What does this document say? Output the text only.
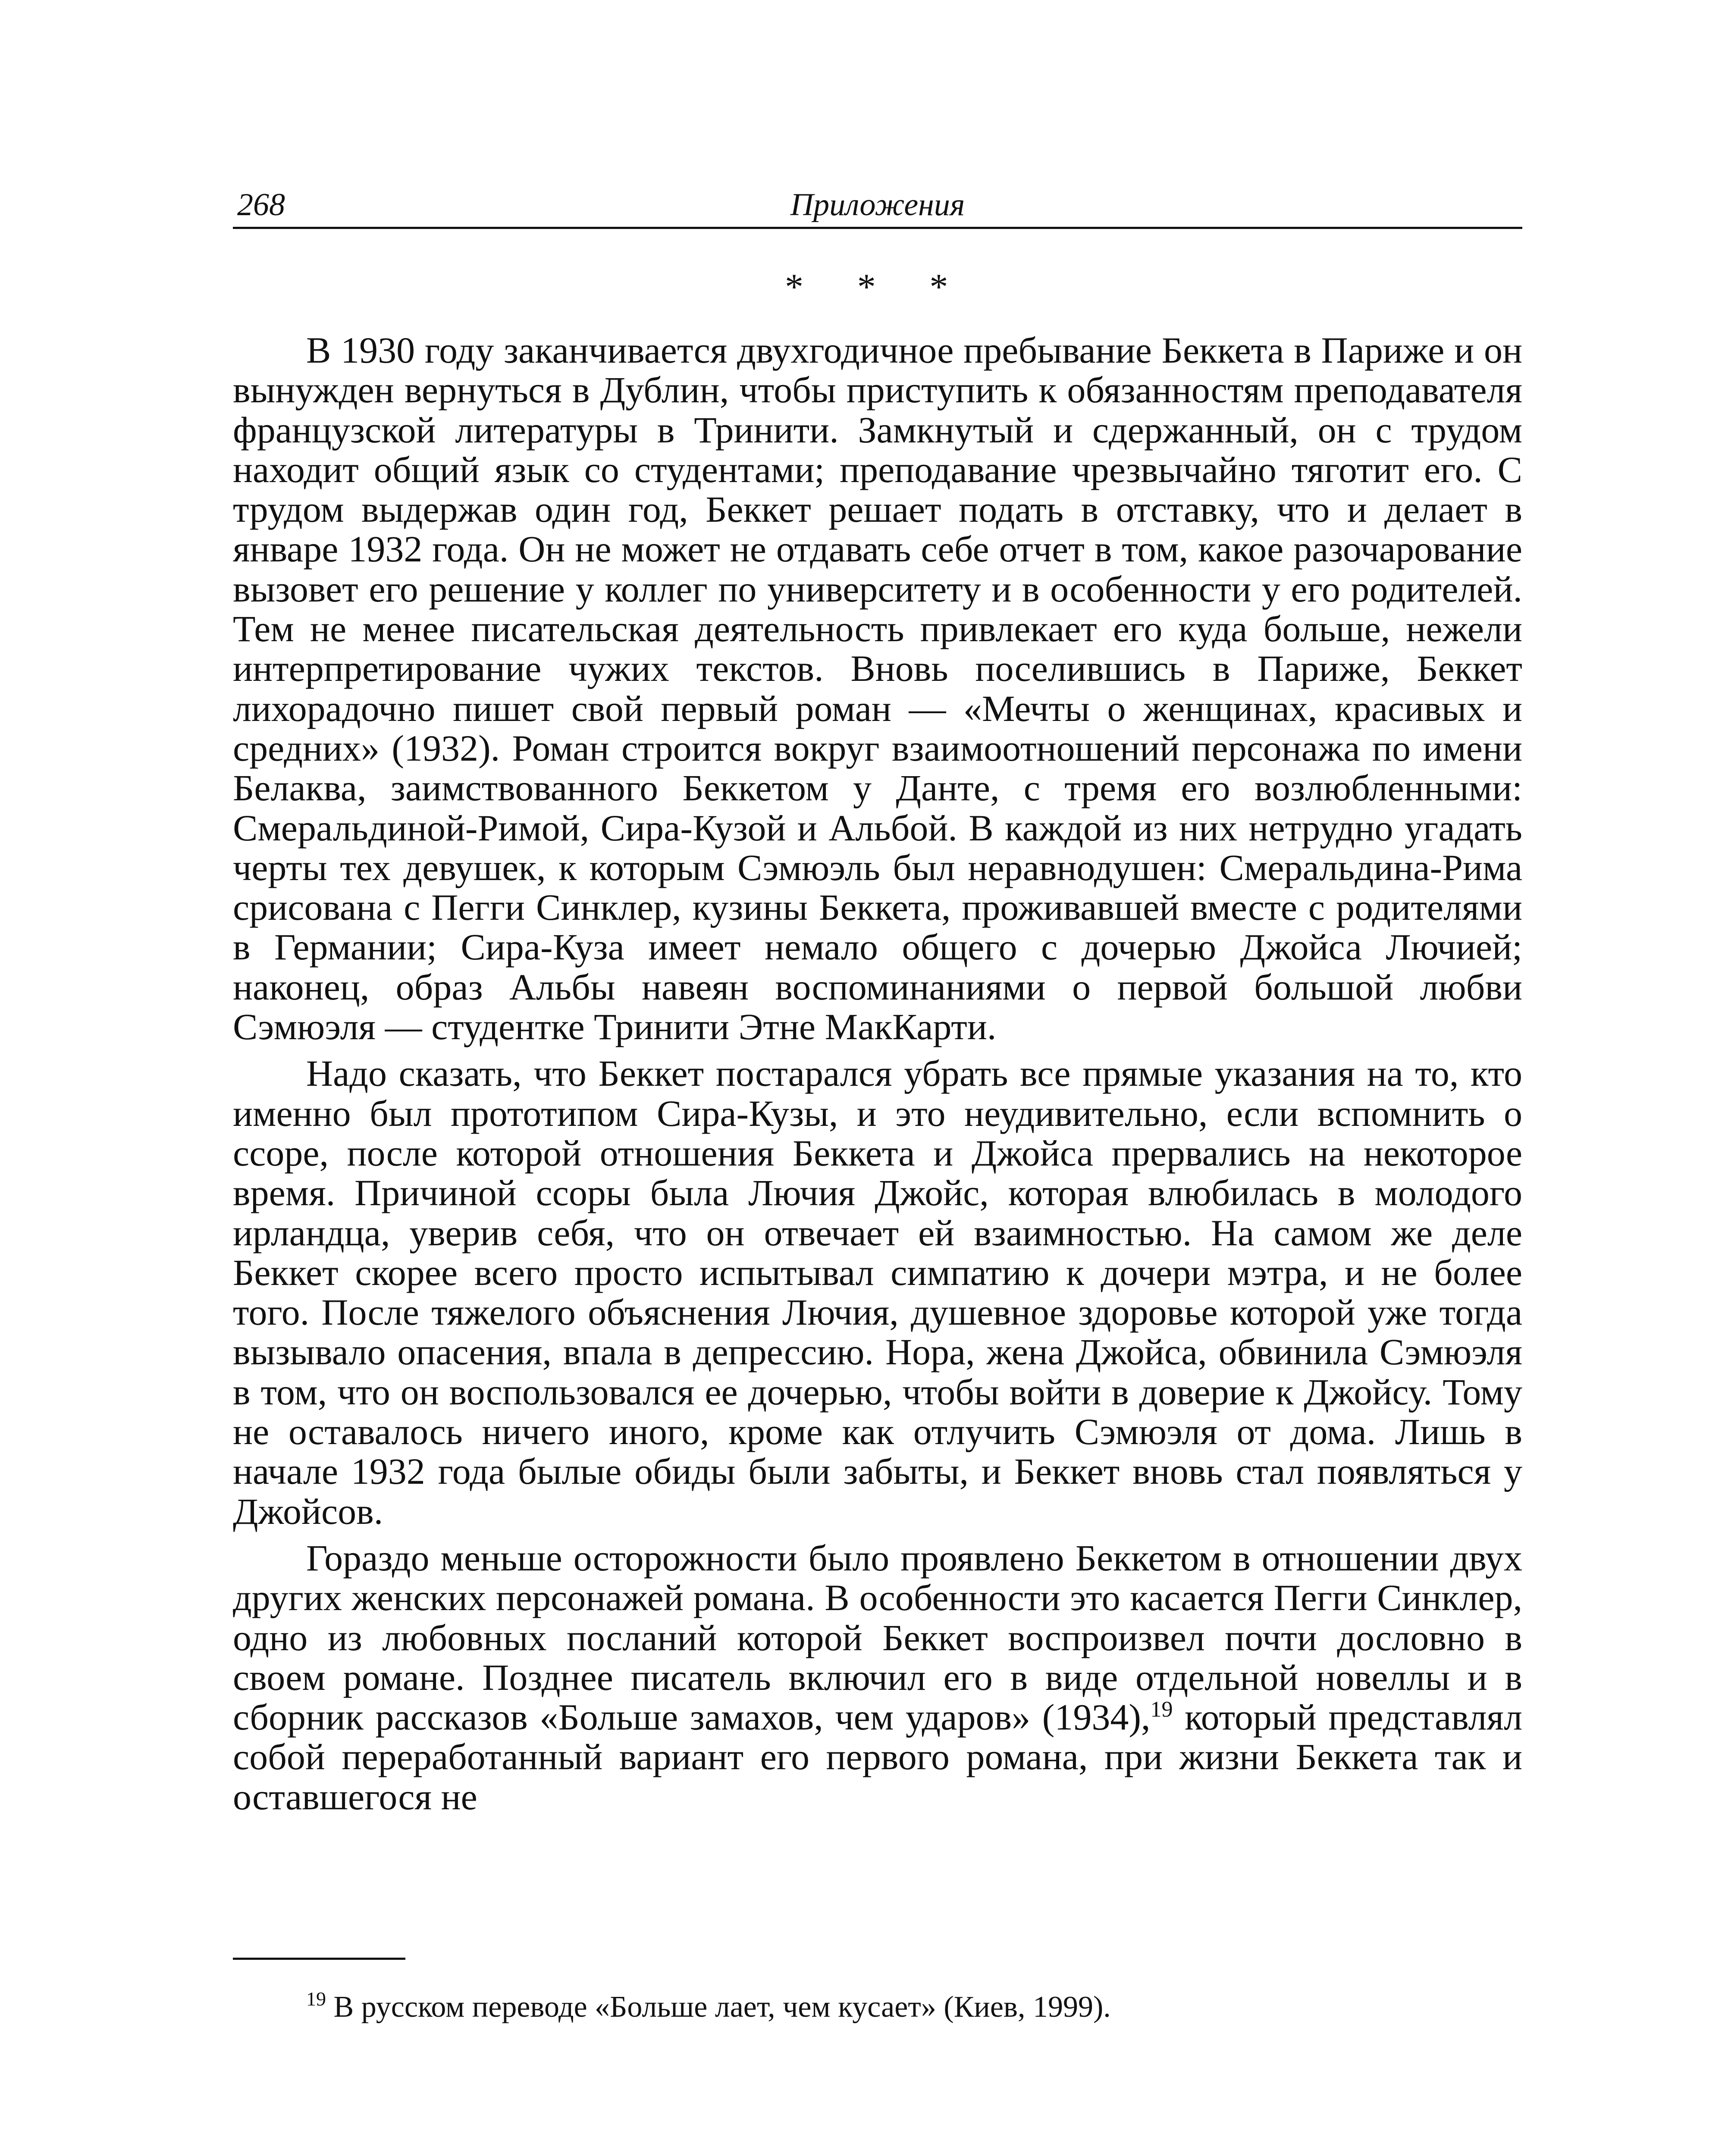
268	Приложения
* * *

В 1930 году заканчивается двухгодичное пребывание Беккета в Париже и он вынужден вернуться в Дублин, чтобы приступить к обязанностям преподавателя французской литературы в Тринити. Замкнутый и сдержанный, он с трудом находит общий язык со студентами; преподавание чрезвычайно тяготит его. С трудом выдержав один год, Беккет решает подать в отставку, что и делает в январе 1932 года. Он не может не отдавать себе отчет в том, какое разочарование вызовет его решение у коллег по университету и в особенности у его родителей. Тем не менее писательская деятельность привлекает его куда больше, нежели интерпретирование чужих текстов. Вновь поселившись в Париже, Беккет лихорадочно пишет свой первый роман — «Мечты о женщинах, красивых и средних» (1932). Роман строится вокруг взаимоотношений персонажа по имени Белаква, заимствованного Беккетом у Данте, с тремя его возлюбленными: Смеральдиной-Римой, Сира-Кузой и Альбой. В каждой из них нетрудно угадать черты тех девушек, к которым Сэмюэль был неравнодушен: Смеральдина-Рима срисована с Пегги Синклер, кузины Беккета, проживавшей вместе с родителями в Германии; Сира-Куза имеет немало общего с дочерью Джойса Лючией; наконец, образ Альбы навеян воспоминаниями о первой большой любви Сэмюэля — студентке Тринити Этне МакКарти.

Надо сказать, что Беккет постарался убрать все прямые указания на то, кто именно был прототипом Сира-Кузы, и это неудивительно, если вспомнить о ссоре, после которой отношения Беккета и Джойса прервались на некоторое время. Причиной ссоры была Лючия Джойс, которая влюбилась в молодого ирландца, уверив себя, что он отвечает ей взаимностью. На самом же деле Беккет скорее всего просто испытывал симпатию к дочери мэтра, и не более того. После тяжелого объяснения Лючия, душевное здоровье которой уже тогда вызывало опасения, впала в депрессию. Нора, жена Джойса, обвинила Сэмюэля в том, что он воспользовался ее дочерью, чтобы войти в доверие к Джойсу. Тому не оставалось ничего иного, кроме как отлучить Сэмюэля от дома. Лишь в начале 1932 года былые обиды были забыты, и Беккет вновь стал появляться у Джойсов.

Гораздо меньше осторожности было проявлено Беккетом в отношении двух других женских персонажей романа. В особенности это касается Пегги Синклер, одно из любовных посланий которой Беккет воспроизвел почти дословно в своем романе. Позднее писатель включил его в виде отдельной новеллы и в сборник рассказов «Больше замахов, чем ударов» (1934),$^{19}$ который представлял собой переработанный вариант его первого романа, при жизни Беккета так и оставшегося не

$^{19}$ В русском переводе «Больше лает, чем кусает» (Киев, 1999).
